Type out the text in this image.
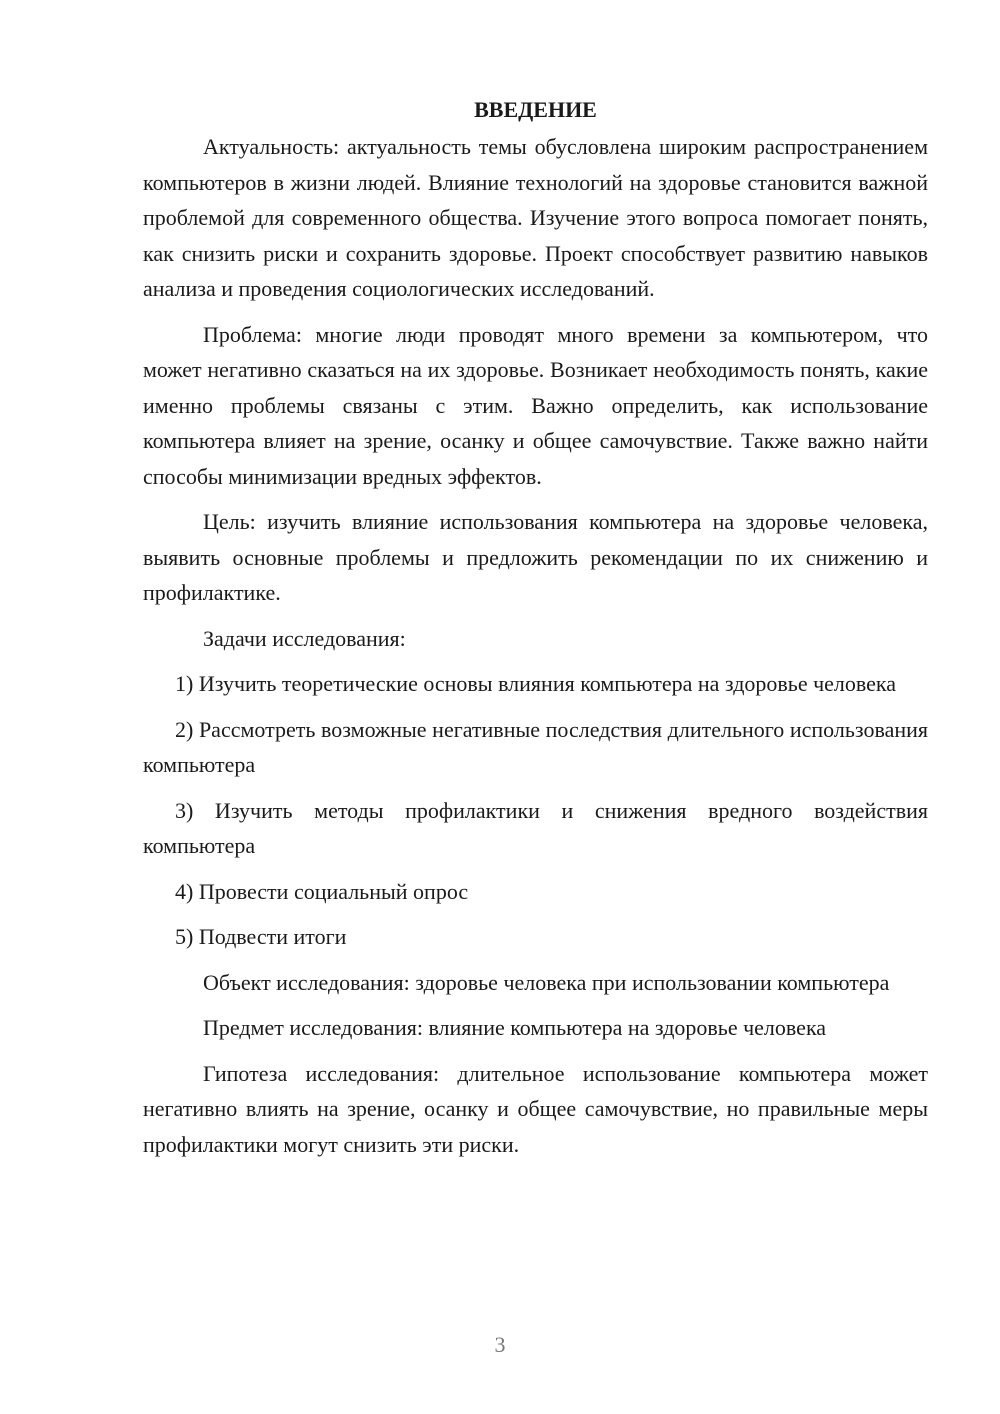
ВВЕДЕНИЕ

Актуальность: актуальность темы обусловлена широким распространением компьютеров в жизни людей. Влияние технологий на здоровье становится важной проблемой для современного общества. Изучение этого вопроса помогает понять, как снизить риски и сохранить здоровье. Проект способствует развитию навыков анализа и проведения социологических исследований.

Проблема: многие люди проводят много времени за компьютером, что может негативно сказаться на их здоровье. Возникает необходимость понять, какие именно проблемы связаны с этим. Важно определить, как использование компьютера влияет на зрение, осанку и общее самочувствие. Также важно найти способы минимизации вредных эффектов.

Цель: изучить влияние использования компьютера на здоровье человека, выявить основные проблемы и предложить рекомендации по их снижению и профилактике.

Задачи исследования:

1) Изучить теоретические основы влияния компьютера на здоровье человека

2) Рассмотреть возможные негативные последствия длительного использования компьютера

3) Изучить методы профилактики и снижения вредного воздействия компьютера

4) Провести социальный опрос

5) Подвести итоги

Объект исследования: здоровье человека при использовании компьютера

Предмет исследования: влияние компьютера на здоровье человека

Гипотеза исследования: длительное использование компьютера может негативно влиять на зрение, осанку и общее самочувствие, но правильные меры профилактики могут снизить эти риски.

3
